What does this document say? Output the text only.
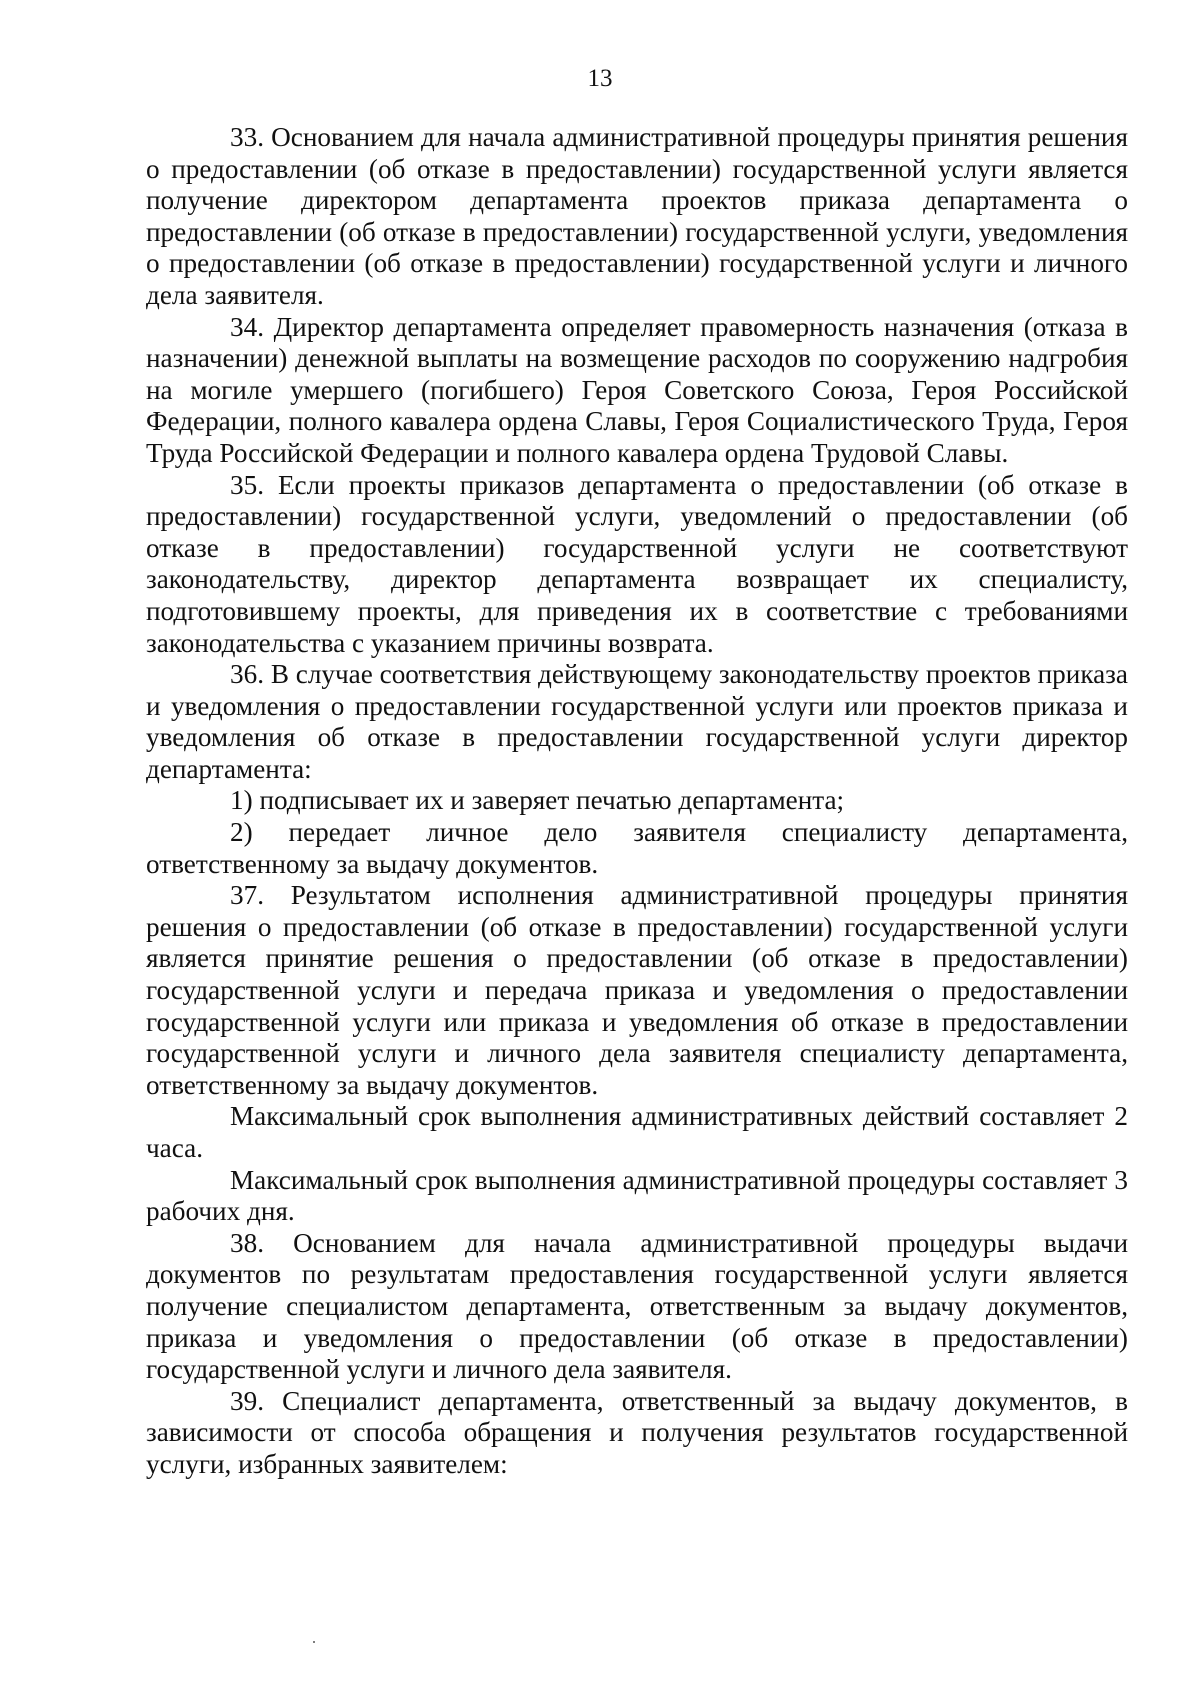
13

33. Основанием для начала административной процедуры принятия решения о предоставлении (об отказе в предоставлении) государственной услуги является получение директором департамента проектов приказа департамента о предоставлении (об отказе в предоставлении) государственной услуги, уведомления о предоставлении (об отказе в предоставлении) государственной услуги и личного дела заявителя.

34. Директор департамента определяет правомерность назначения (отказа в назначении) денежной выплаты на возмещение расходов по сооружению надгробия на могиле умершего (погибшего) Героя Советского Союза, Героя Российской Федерации, полного кавалера ордена Славы, Героя Социалистического Труда, Героя Труда Российской Федерации и полного кавалера ордена Трудовой Славы.

35. Если проекты приказов департамента о предоставлении (об отказе в предоставлении) государственной услуги, уведомлений о предоставлении (об отказе в предоставлении) государственной услуги не соответствуют законодательству, директор департамента возвращает их специалисту, подготовившему проекты, для приведения их в соответствие с требованиями законодательства с указанием причины возврата.

36. В случае соответствия действующему законодательству проектов приказа и уведомления о предоставлении государственной услуги или проектов приказа и уведомления об отказе в предоставлении государственной услуги директор департамента:

1) подписывает их и заверяет печатью департамента;

2) передает личное дело заявителя специалисту департамента, ответственному за выдачу документов.

37. Результатом исполнения административной процедуры принятия решения о предоставлении (об отказе в предоставлении) государственной услуги является принятие решения о предоставлении (об отказе в предоставлении) государственной услуги и передача приказа и уведомления о предоставлении государственной услуги или приказа и уведомления об отказе в предоставлении государственной услуги и личного дела заявителя специалисту департамента, ответственному за выдачу документов.

Максимальный срок выполнения административных действий составляет 2 часа.

Максимальный срок выполнения административной процедуры составляет 3 рабочих дня.

38. Основанием для начала административной процедуры выдачи документов по результатам предоставления государственной услуги является получение специалистом департамента, ответственным за выдачу документов, приказа и уведомления о предоставлении (об отказе в предоставлении) государственной услуги и личного дела заявителя.

39. Специалист департамента, ответственный за выдачу документов, в зависимости от способа обращения и получения результатов государственной услуги, избранных заявителем:
